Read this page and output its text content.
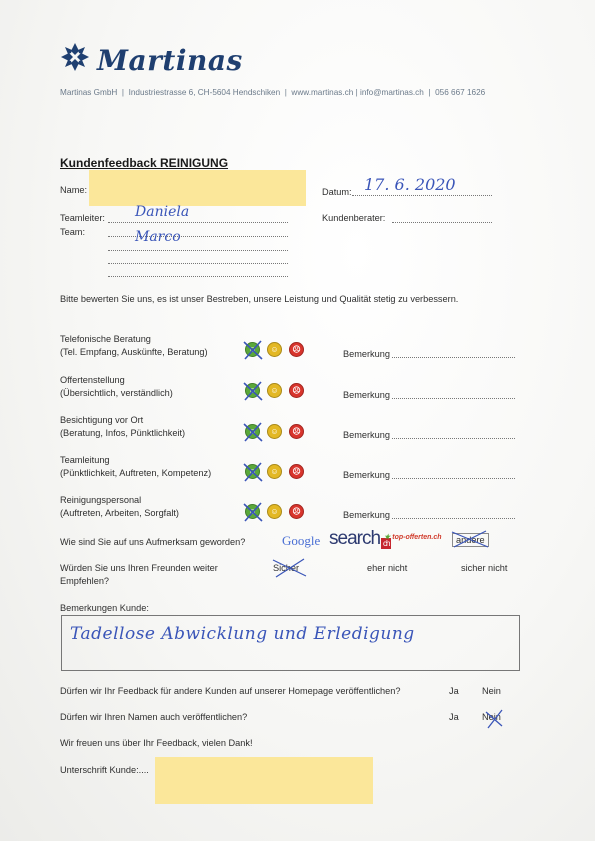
Martinas
Martinas GmbH | Industriestrasse 6, CH-5604 Hendschiken | www.martinas.ch | info@martinas.ch | 056 667 1626
Kundenfeedback REINIGUNG
Name:	Datum: 17. 6. 2020
Teamleiter: Daniela	Kundenberater:
Team:	Marco
Bitte bewerten Sie uns, es ist unser Bestreben, unsere Leistung und Qualität stetig zu verbessern.
Telefonische Beratung
(Tel. Empfang, Auskünfte, Beratung)	☺	☺	☹	Bemerkung
Offertenstellung
(Übersichtlich, verständlich)	☺	☺	☹	Bemerkung
Besichtigung vor Ort
(Beratung, Infos, Pünktlichkeit)	☺	☺	☹	Bemerkung
Teamleitung
(Pünktlichkeit, Auftreten, Kompetenz)	☺	☺	☹	Bemerkung
Reinigungspersonal
(Auftreten, Arbeiten, Sorgfalt)	☺	☺	☹	Bemerkung
Wie sind Sie auf uns Aufmerksam geworden?	Google search ch
★ top-offerten.ch	andere
Würden Sie uns Ihren Freunden weiter
Empfehlen?
Sicher	eher nicht	sicher nicht
Bemerkungen Kunde:
Tadellose Abwicklung und Erledigung
Dürfen wir Ihr Feedback für andere Kunden auf unserer Homepage veröffentlichen?	Ja	Nein
Dürfen wir Ihren Namen auch veröffentlichen?	Ja	Nein
Wir freuen uns über Ihr Feedback, vielen Dank!
Unterschrift Kunde:....
